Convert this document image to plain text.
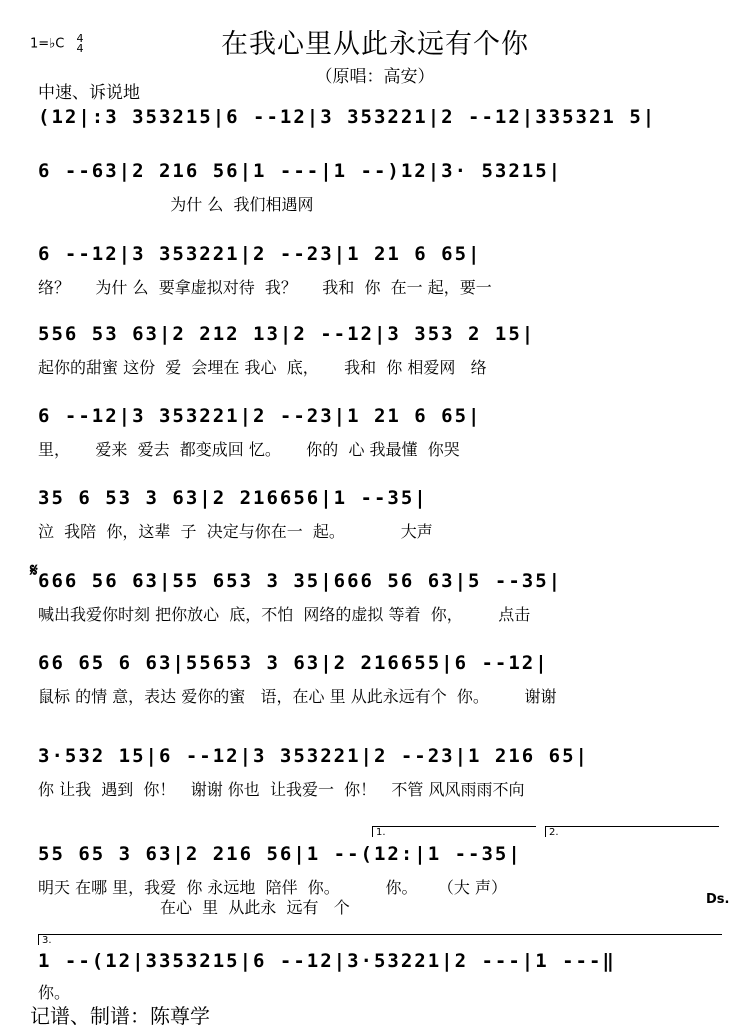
1=♭C 4
4	在我心里从此永远有个你
（原唱：高安）
中速、诉说地
(12|:3 353215|6 --12|3 353221|2 --12|335321 5|
6 --63|2 216 56|1 ---|1 --)12|3· 53215|
为什 么  我们相遇网
6 --12|3 353221|2 --23|1 21 6 65|
络？     为什 么  要拿虚拟对待  我？     我和  你  在一 起，要一
556 53 63|2 212 13|2 --12|3 353 2 15|
起你的甜蜜 这份  爱  会埋在 我心  底，     我和  你 相爱网   络
6 --12|3 353221|2 --23|1 21 6 65|
里，     爱来  爱去  都变成回 忆。     你的  心 我最懂  你哭
35 6 53 3 63|2 216656|1 --35|
泣  我陪  你，这辈  子  决定与你在一  起。           大声
𝄋 666 56 63|55 653 3 35|666 56 63|5 --35|
喊出我爱你时刻 把你放心  底，不怕  网络的虚拟 等着  你，       点击
66 65 6 63|55653 3 63|2 216655|6 --12|
鼠标 的情 意，表达 爱你的蜜   语，在心 里 从此永远有个  你。       谢谢
3·532 15|6 --12|3 353221|2 --23|1 216 65|
你 让我  遇到  你！   谢谢 你也  让我爱一  你！   不管 风风雨雨不向
1.	2.
55 65 3 63|2 216 56|1 --(12:|1 --35|
明天 在哪 里，我爱  你 永远地  陪伴  你。         你。    （大 声）
在心  里  从此永  远有   个	Ds.
3.
1 --(12|3353215|6 --12|3·53221|2 ---|1 ---‖
你。
记谱、制谱：陈尊学
